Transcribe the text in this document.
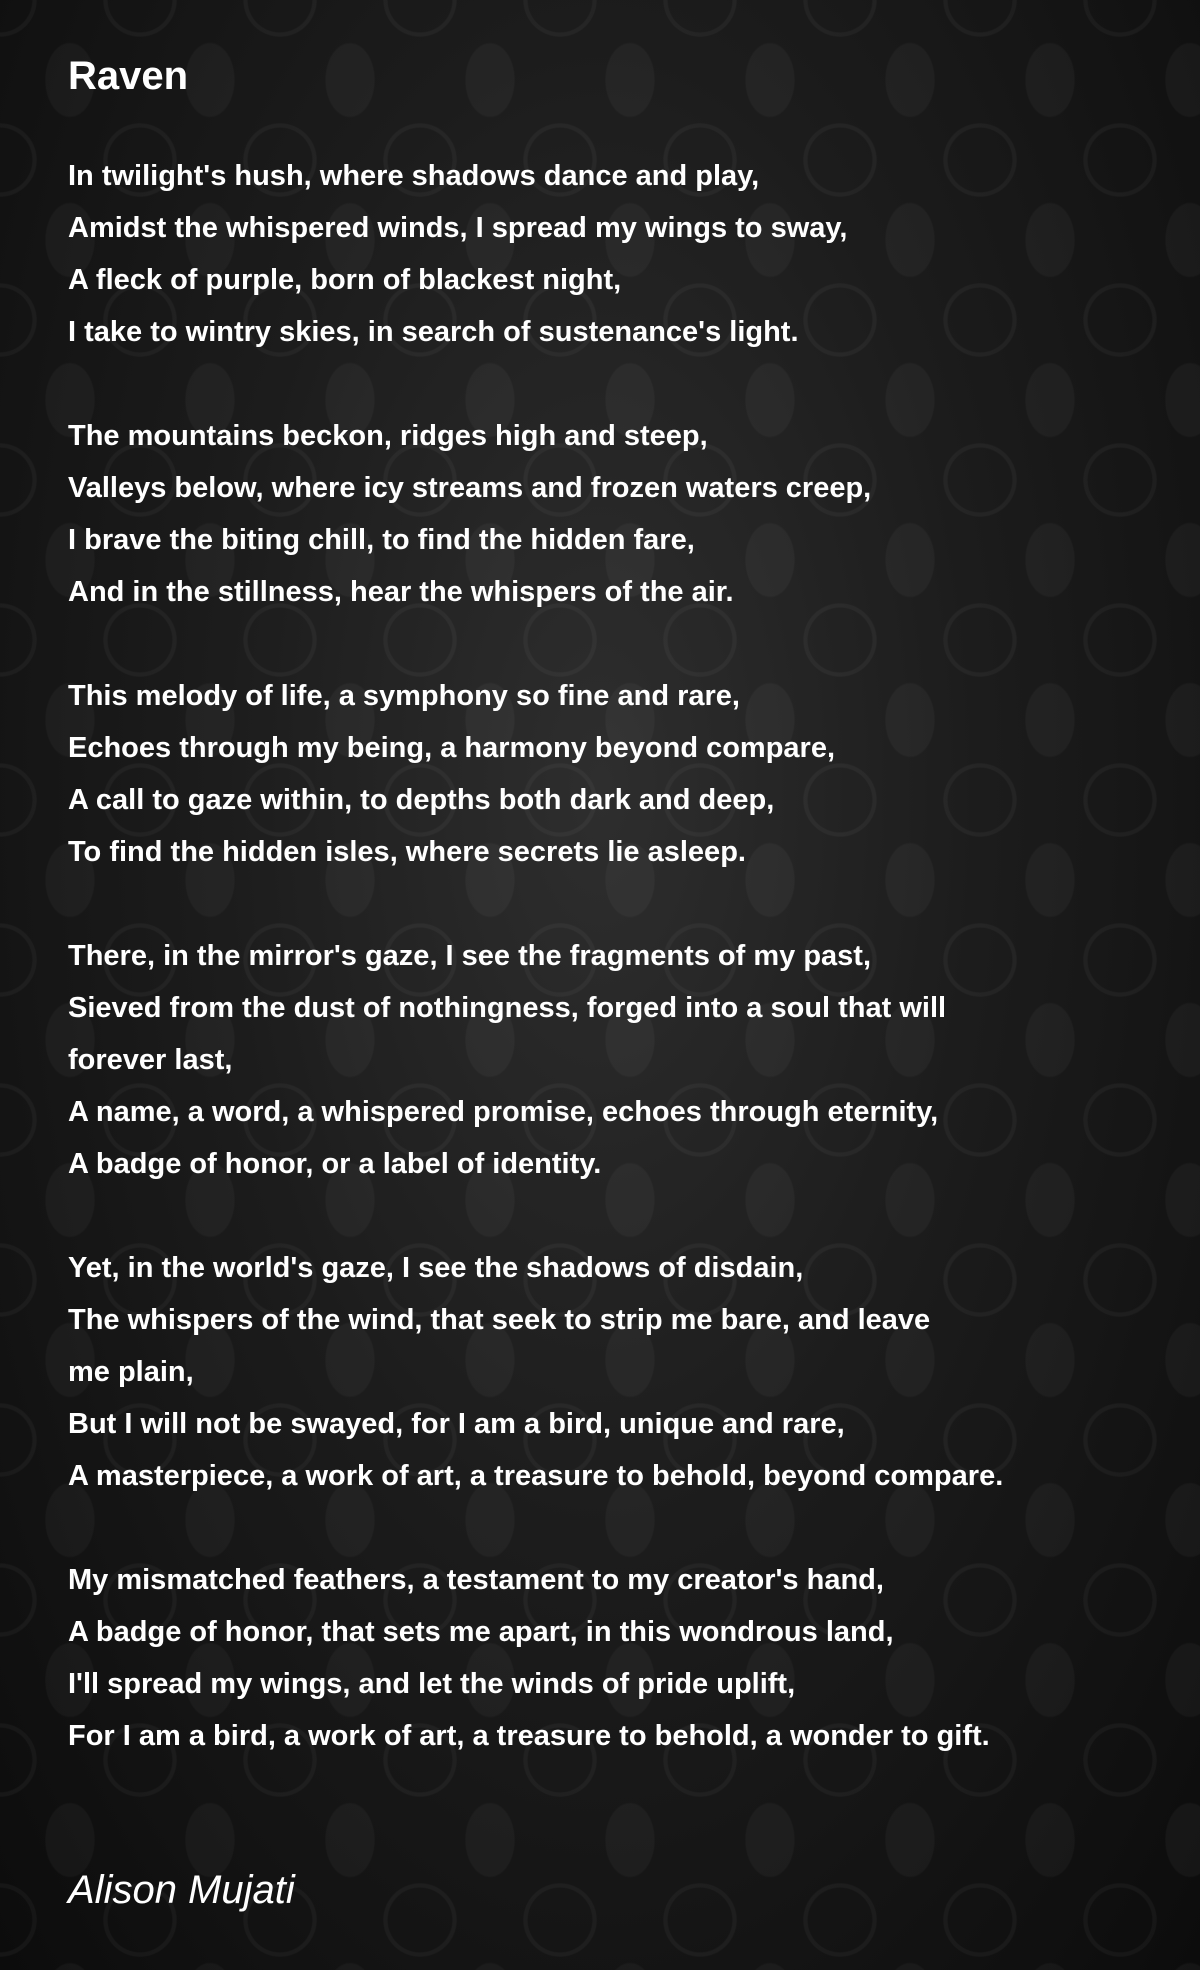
Raven
In twilight's hush, where shadows dance and play,
Amidst the whispered winds, I spread my wings to sway,
A fleck of purple, born of blackest night,
I take to wintry skies, in search of sustenance's light.
The mountains beckon, ridges high and steep,
Valleys below, where icy streams and frozen waters creep,
I brave the biting chill, to find the hidden fare,
And in the stillness, hear the whispers of the air.
This melody of life, a symphony so fine and rare,
Echoes through my being, a harmony beyond compare,
A call to gaze within, to depths both dark and deep,
To find the hidden isles, where secrets lie asleep.
There, in the mirror's gaze, I see the fragments of my past,
Sieved from the dust of nothingness, forged into a soul that will
forever last,
A name, a word, a whispered promise, echoes through eternity,
A badge of honor, or a label of identity.
Yet, in the world's gaze, I see the shadows of disdain,
The whispers of the wind, that seek to strip me bare, and leave
me plain,
But I will not be swayed, for I am a bird, unique and rare,
A masterpiece, a work of art, a treasure to behold, beyond compare.
My mismatched feathers, a testament to my creator's hand,
A badge of honor, that sets me apart, in this wondrous land,
I'll spread my wings, and let the winds of pride uplift,
For I am a bird, a work of art, a treasure to behold, a wonder to gift.

Alison Mujati
